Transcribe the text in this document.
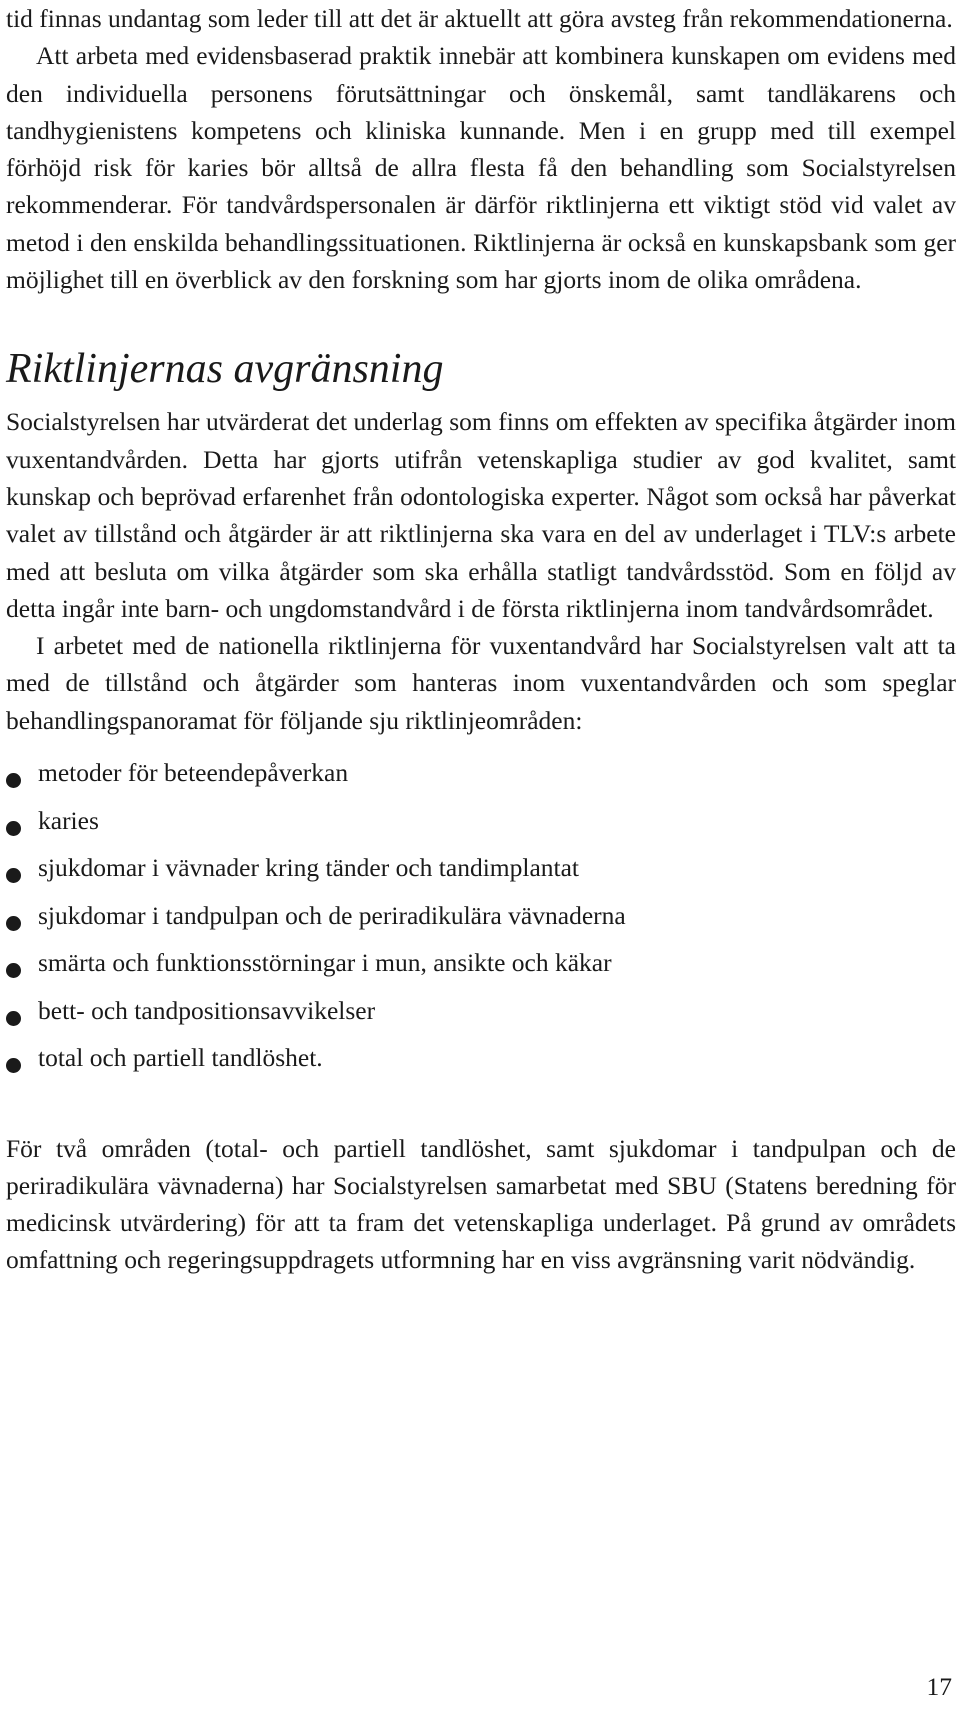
tid finnas undantag som leder till att det är aktuellt att göra avsteg från rekommendationerna.

Att arbeta med evidensbaserad praktik innebär att kombinera kunskapen om evidens med den individuella personens förutsättningar och önskemål, samt tandläkarens och tandhygienistens kompetens och kliniska kunnande. Men i en grupp med till exempel förhöjd risk för karies bör alltså de allra flesta få den behandling som Socialstyrelsen rekommenderar. För tandvårdspersonalen är därför riktlinjerna ett viktigt stöd vid valet av metod i den enskilda behandlingssituationen. Riktlinjerna är också en kunskapsbank som ger möjlighet till en överblick av den forskning som har gjorts inom de olika områdena.

Riktlinjernas avgränsning

Socialstyrelsen har utvärderat det underlag som finns om effekten av specifika åtgärder inom vuxentandvården. Detta har gjorts utifrån vetenskapliga studier av god kvalitet, samt kunskap och beprövad erfarenhet från odontologiska experter. Något som också har påverkat valet av tillstånd och åtgärder är att riktlinjerna ska vara en del av underlaget i TLV:s arbete med att besluta om vilka åtgärder som ska erhålla statligt tandvårdsstöd. Som en följd av detta ingår inte barn- och ungdomstandvård i de första riktlinjerna inom tandvårdsområdet.

I arbetet med de nationella riktlinjerna för vuxentandvård har Socialstyrelsen valt att ta med de tillstånd och åtgärder som hanteras inom vuxentandvården och som speglar behandlingspanoramat för följande sju riktlinjeområden:

metoder för beteendepåverkan
karies
sjukdomar i vävnader kring tänder och tandimplantat
sjukdomar i tandpulpan och de periradikulära vävnaderna
smärta och funktionsstörningar i mun, ansikte och käkar
bett- och tandpositionsavvikelser
total och partiell tandlöshet.

För två områden (total- och partiell tandlöshet, samt sjukdomar i tandpulpan och de periradikulära vävnaderna) har Socialstyrelsen samarbetat med SBU (Statens beredning för medicinsk utvärdering) för att ta fram det vetenskapliga underlaget. På grund av områdets omfattning och regeringsuppdragets utformning har en viss avgränsning varit nödvändig.

17
